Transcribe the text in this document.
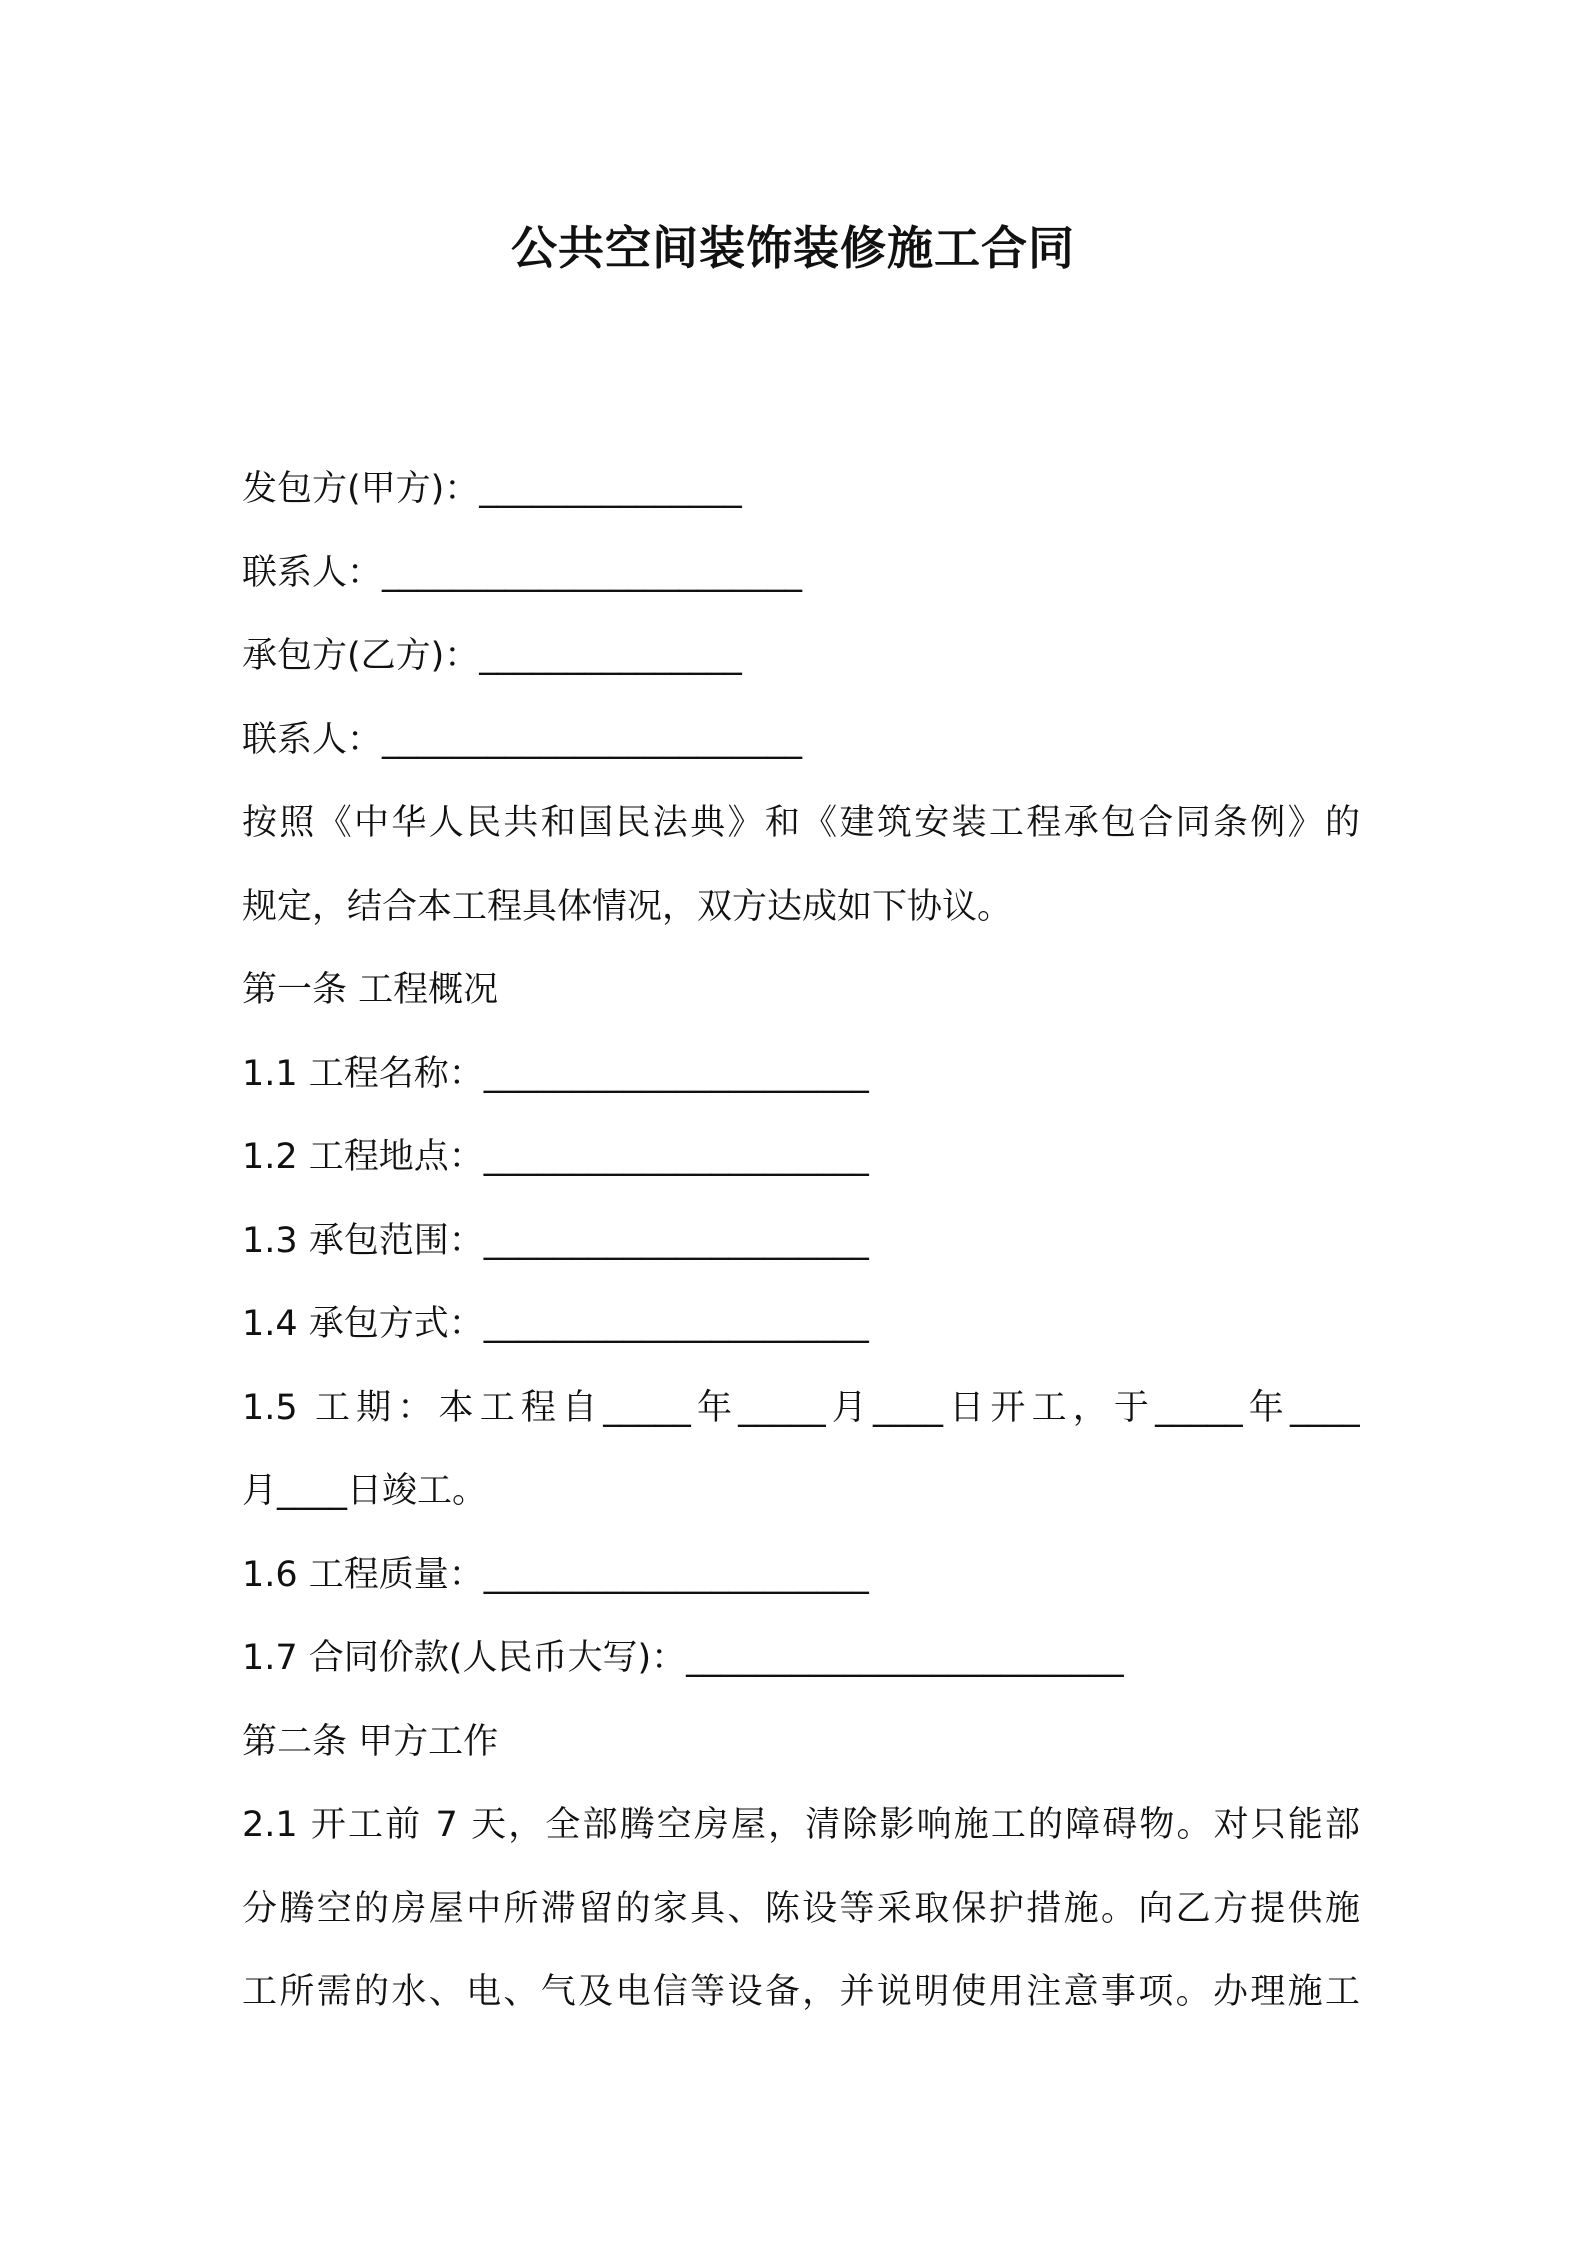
公共空间装饰装修施工合同
发包方(甲方)：_______________
联系人：________________________
承包方(乙方)：_______________
联系人：________________________
按照《中华人民共和国民法典》和《建筑安装工程承包合同条例》的
规定，结合本工程具体情况，双方达成如下协议。
第一条 工程概况
1.1 工程名称：______________________
1.2 工程地点：______________________
1.3 承包范围：______________________
1.4 承包方式：______________________
1.5 工期：本工程自_____年_____月____日开工，于_____年____
月____日竣工。
1.6 工程质量：______________________
1.7 合同价款(人民币大写)：_________________________
第二条 甲方工作
2.1 开工前 7 天，全部腾空房屋，清除影响施工的障碍物。对只能部
分腾空的房屋中所滞留的家具、陈设等采取保护措施。向乙方提供施
工所需的水、电、气及电信等设备，并说明使用注意事项。办理施工
